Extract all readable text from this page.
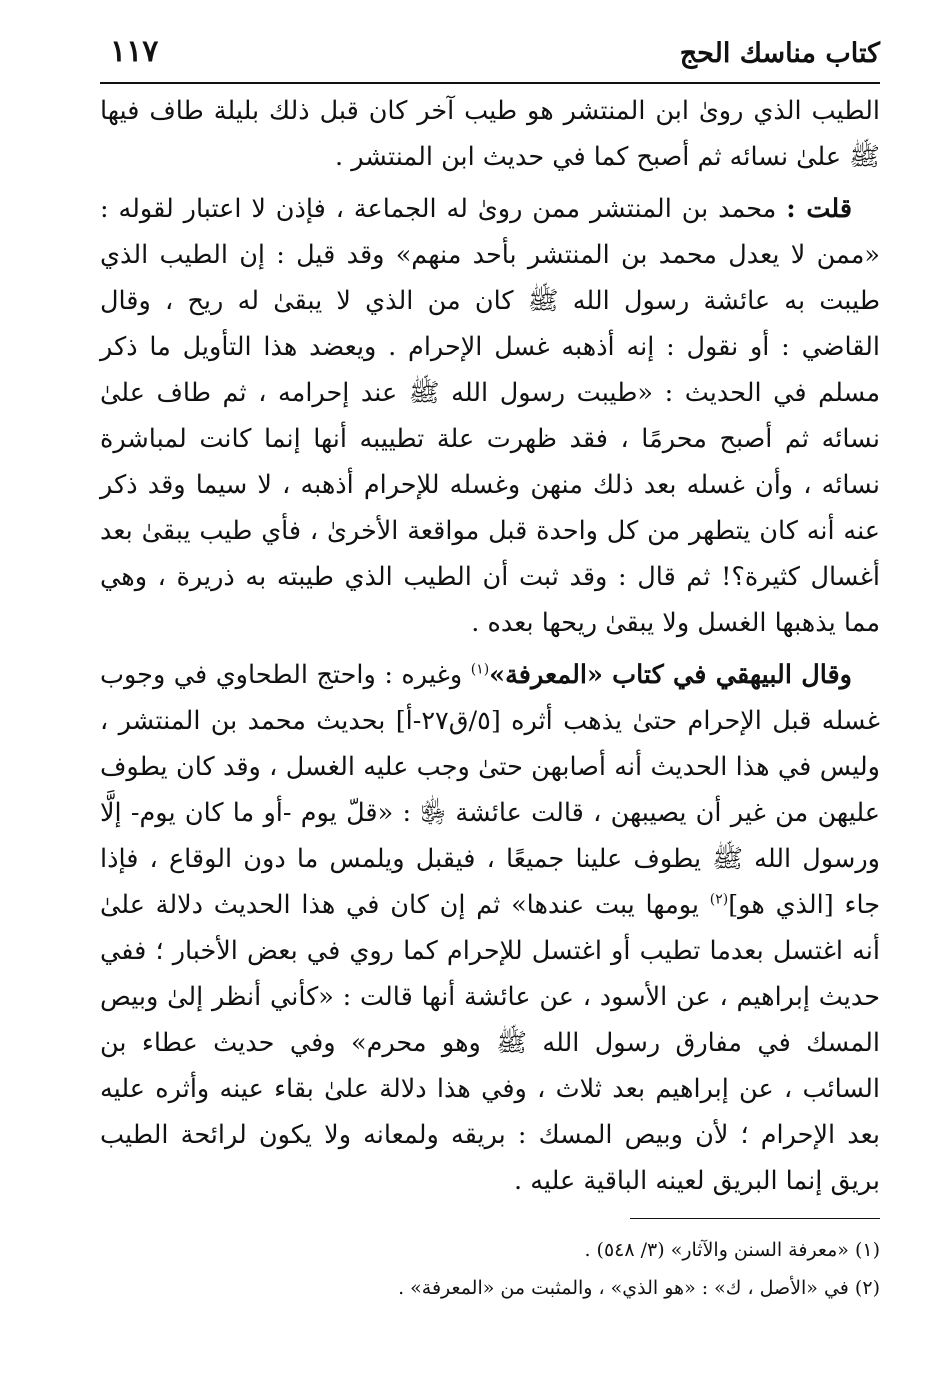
كتاب مناسك الحج
١١٧

الطيب الذي روىٰ ابن المنتشر هو طيب آخر كان قبل ذلك بليلة طاف فيها ﷺ علىٰ نسائه ثم أصبح كما في حديث ابن المنتشر .

قلت : محمد بن المنتشر ممن روىٰ له الجماعة ، فإذن لا اعتبار لقوله : «ممن لا يعدل محمد بن المنتشر بأحد منهم» وقد قيل : إن الطيب الذي طيبت به عائشة رسول الله ﷺ كان من الذي لا يبقىٰ له ريح ، وقال القاضي : أو نقول : إنه أذهبه غسل الإحرام . ويعضد هذا التأويل ما ذكر مسلم في الحديث : «طيبت رسول الله ﷺ عند إحرامه ، ثم طاف علىٰ نسائه ثم أصبح محرمًا ، فقد ظهرت علة تطييبه أنها إنما كانت لمباشرة نسائه ، وأن غسله بعد ذلك منهن وغسله للإحرام أذهبه ، لا سيما وقد ذكر عنه أنه كان يتطهر من كل واحدة قبل مواقعة الأخرىٰ ، فأي طيب يبقىٰ بعد أغسال كثيرة؟! ثم قال : وقد ثبت أن الطيب الذي طيبته به ذريرة ، وهي مما يذهبها الغسل ولا يبقىٰ ريحها بعده .

وقال البيهقي في كتاب «المعرفة»$^{(١)}$ وغيره : واحتج الطحاوي في وجوب غسله قبل الإحرام حتىٰ يذهب أثره [٥/ق٢٧-أ] بحديث محمد بن المنتشر ، وليس في هذا الحديث أنه أصابهن حتىٰ وجب عليه الغسل ، وقد كان يطوف عليهن من غير أن يصيبهن ، قالت عائشة ﵂ : «قلّ يوم -أو ما كان يوم- إلَّا ورسول الله ﷺ يطوف علينا جميعًا ، فيقبل ويلمس ما دون الوقاع ، فإذا جاء [الذي هو]$^{(٢)}$ يومها يبت عندها» ثم إن كان في هذا الحديث دلالة علىٰ أنه اغتسل بعدما تطيب أو اغتسل للإحرام كما روي في بعض الأخبار ؛ ففي حديث إبراهيم ، عن الأسود ، عن عائشة أنها قالت : «كأني أنظر إلىٰ وبيص المسك في مفارق رسول الله ﷺ وهو محرم» وفي حديث عطاء بن السائب ، عن إبراهيم بعد ثلاث ، وفي هذا دلالة علىٰ بقاء عينه وأثره عليه بعد الإحرام ؛ لأن وبيص المسك : بريقه ولمعانه ولا يكون لرائحة الطيب بريق إنما البريق لعينه الباقية عليه .

(١) «معرفة السنن والآثار» (٣/ ٥٤٨) .

(٢) في «الأصل ، ك» : «هو الذي» ، والمثبت من «المعرفة» .
